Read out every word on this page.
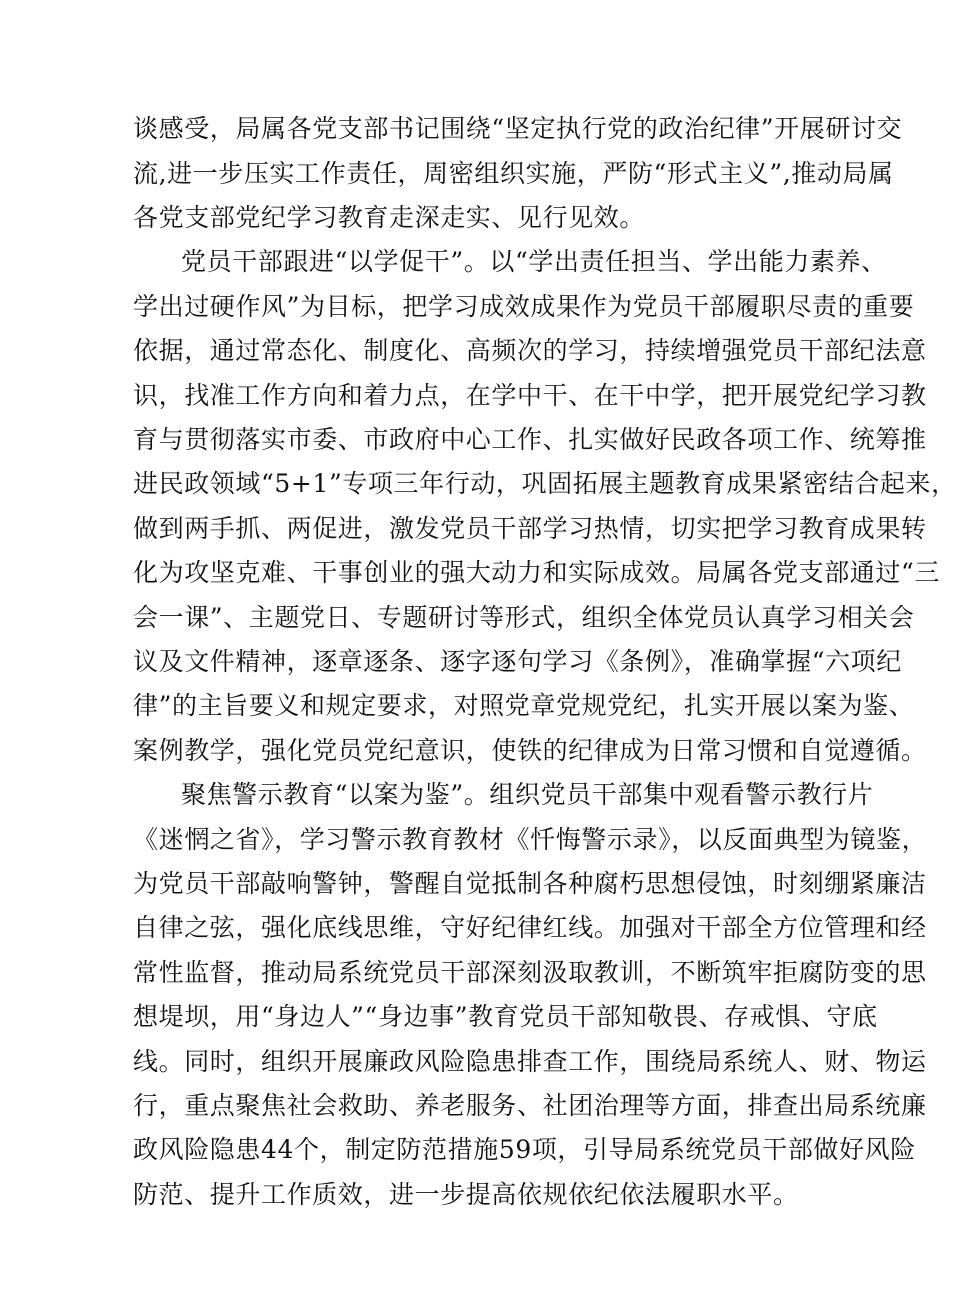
谈感受，局属各党支部书记围绕“坚定执行党的政治纪律”开展研讨交
流,进一步压实工作责任，周密组织实施，严防“形式主义”,推动局属
各党支部党纪学习教育走深走实、见行见效。
党员干部跟进“以学促干”。以“学出责任担当、学出能力素养、
学出过硬作风”为目标，把学习成效成果作为党员干部履职尽责的重要
依据，通过常态化、制度化、高频次的学习，持续增强党员干部纪法意
识，找准工作方向和着力点，在学中干、在干中学，把开展党纪学习教
育与贯彻落实市委、市政府中心工作、扎实做好民政各项工作、统筹推
进民政领域“5+1”专项三年行动，巩固拓展主题教育成果紧密结合起来，
做到两手抓、两促进，激发党员干部学习热情，切实把学习教育成果转
化为攻坚克难、干事创业的强大动力和实际成效。局属各党支部通过“三
会一课”、主题党日、专题研讨等形式，组织全体党员认真学习相关会
议及文件精神，逐章逐条、逐字逐句学习《条例》，准确掌握“六项纪
律”的主旨要义和规定要求，对照党章党规党纪，扎实开展以案为鉴、
案例教学，强化党员党纪意识，使铁的纪律成为日常习惯和自觉遵循。
聚焦警示教育“以案为鉴”。组织党员干部集中观看警示教行片
《迷惘之省》，学习警示教育教材《忏悔警示录》，以反面典型为镜鉴，
为党员干部敲响警钟，警醒自觉抵制各种腐朽思想侵蚀，时刻绷紧廉洁
自律之弦，强化底线思维，守好纪律红线。加强对干部全方位管理和经
常性监督，推动局系统党员干部深刻汲取教训，不断筑牢拒腐防变的思
想堤坝，用“身边人”“身边事”教育党员干部知敬畏、存戒惧、守底
线。同时，组织开展廉政风险隐患排查工作，围绕局系统人、财、物运
行，重点聚焦社会救助、养老服务、社团治理等方面，排查出局系统廉
政风险隐患44个，制定防范措施59项，引导局系统党员干部做好风险
防范、提升工作质效，进一步提高依规依纪依法履职水平。
